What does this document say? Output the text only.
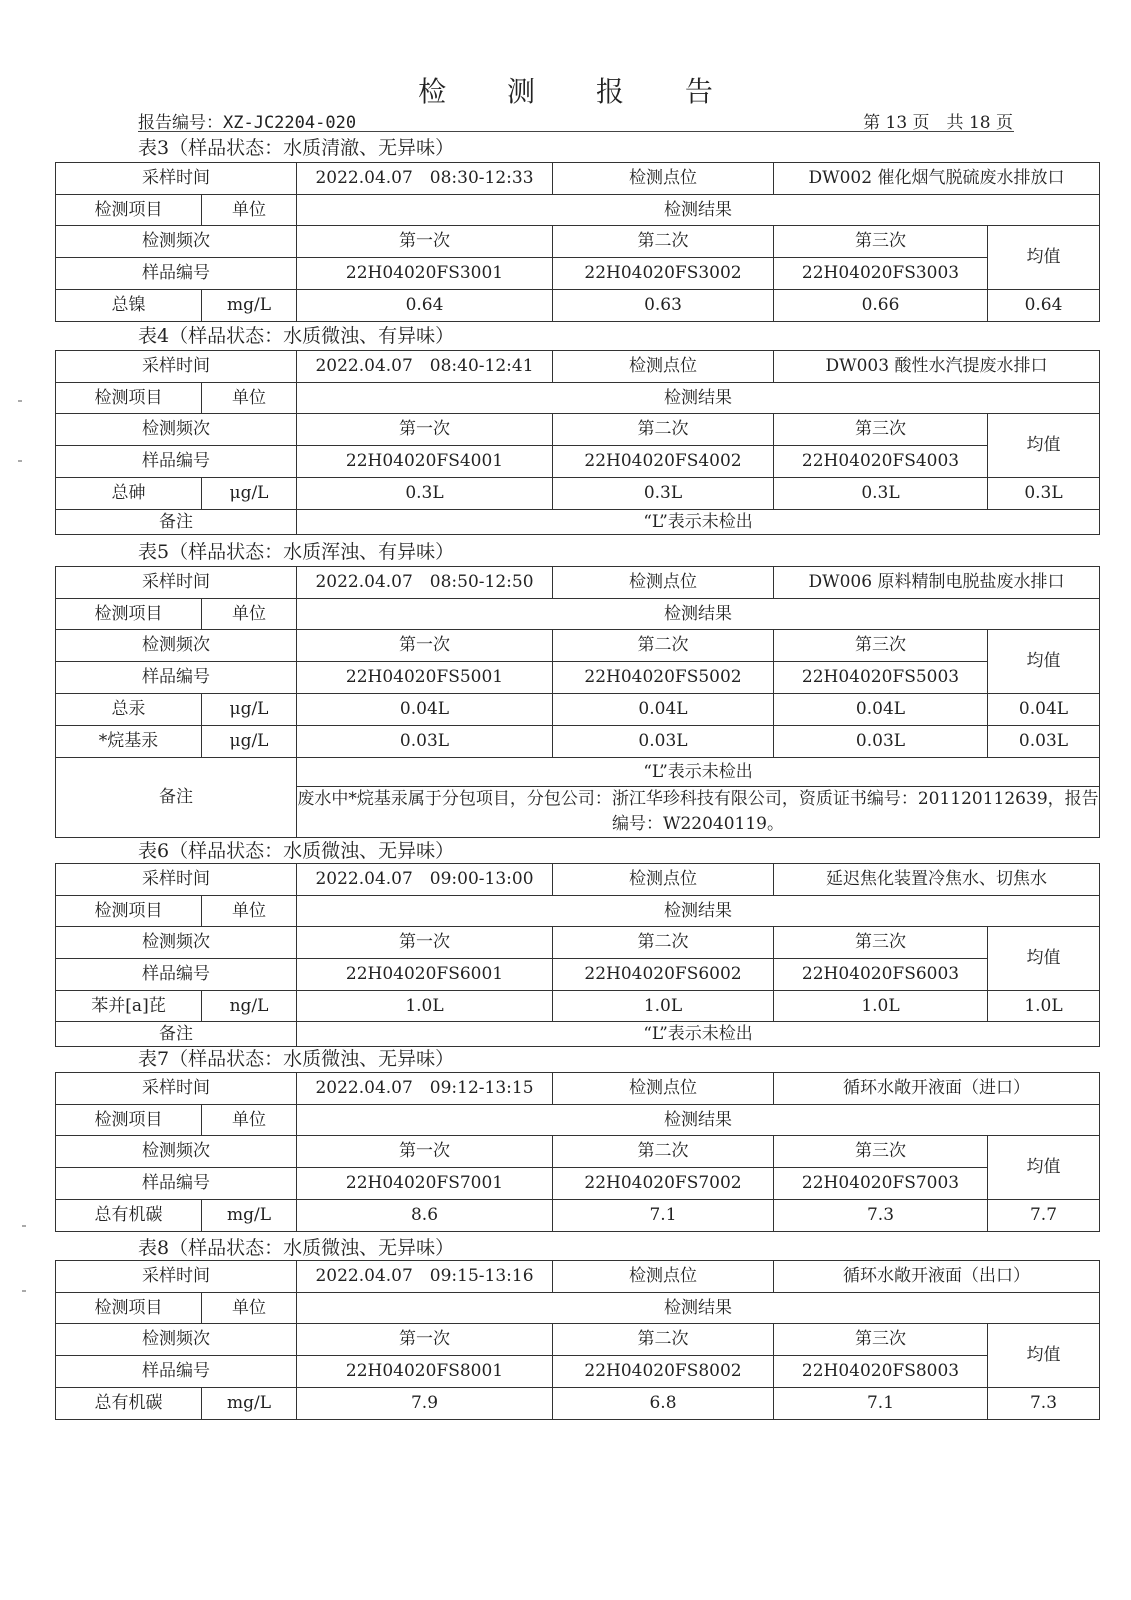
检 测 报 告
报告编号：XZ-JC2204-020	第 13 页　共 18 页
表3（样品状态：水质清澈、无异味）
采样时间		2022.04.07　08:30-12:33	检测点位	DW002 催化烟气脱硫废水排放口	
检测项目	单位	检测结果			
检测频次		第一次	第二次	第三次	均值
样品编号		22H04020FS3001	22H04020FS3002	22H04020FS3003	
总镍	mg/L	0.64	0.63	0.66	0.64
表4（样品状态：水质微浊、有异味）
采样时间		2022.04.07　08:40-12:41	检测点位	DW003 酸性水汽提废水排口	
检测项目	单位	检测结果			
检测频次		第一次	第二次	第三次	均值
样品编号		22H04020FS4001	22H04020FS4002	22H04020FS4003	
总砷	μg/L	0.3L	0.3L	0.3L	0.3L
备注		“L”表示未检出			
表5（样品状态：水质浑浊、有异味）
采样时间		2022.04.07　08:50-12:50	检测点位	DW006 原料精制电脱盐废水排口	
检测项目	单位	检测结果			
检测频次		第一次	第二次	第三次	均值
样品编号		22H04020FS5001	22H04020FS5002	22H04020FS5003	
总汞	μg/L	0.04L	0.04L	0.04L	0.04L
*烷基汞	μg/L	0.03L	0.03L	0.03L	0.03L
备注		“L”表示未检出			
		废水中*烷基汞属于分包项目，分包公司：浙江华珍科技有限公司，资质证书编号：201120112639，报告编号：W22040119。			
表6（样品状态：水质微浊、无异味）
采样时间		2022.04.07　09:00-13:00	检测点位	延迟焦化装置冷焦水、切焦水	
检测项目	单位	检测结果			
检测频次		第一次	第二次	第三次	均值
样品编号		22H04020FS6001	22H04020FS6002	22H04020FS6003	
苯并[a]芘	ng/L	1.0L	1.0L	1.0L	1.0L
备注		“L”表示未检出			
表7（样品状态：水质微浊、无异味）
采样时间		2022.04.07　09:12-13:15	检测点位	循环水敞开液面（进口）	
检测项目	单位	检测结果			
检测频次		第一次	第二次	第三次	均值
样品编号		22H04020FS7001	22H04020FS7002	22H04020FS7003	
总有机碳	mg/L	8.6	7.1	7.3	7.7
表8（样品状态：水质微浊、无异味）
采样时间		2022.04.07　09:15-13:16	检测点位	循环水敞开液面（出口）	
检测项目	单位	检测结果			
检测频次		第一次	第二次	第三次	均值
样品编号		22H04020FS8001	22H04020FS8002	22H04020FS8003	
总有机碳	mg/L	7.9	6.8	7.1	7.3
